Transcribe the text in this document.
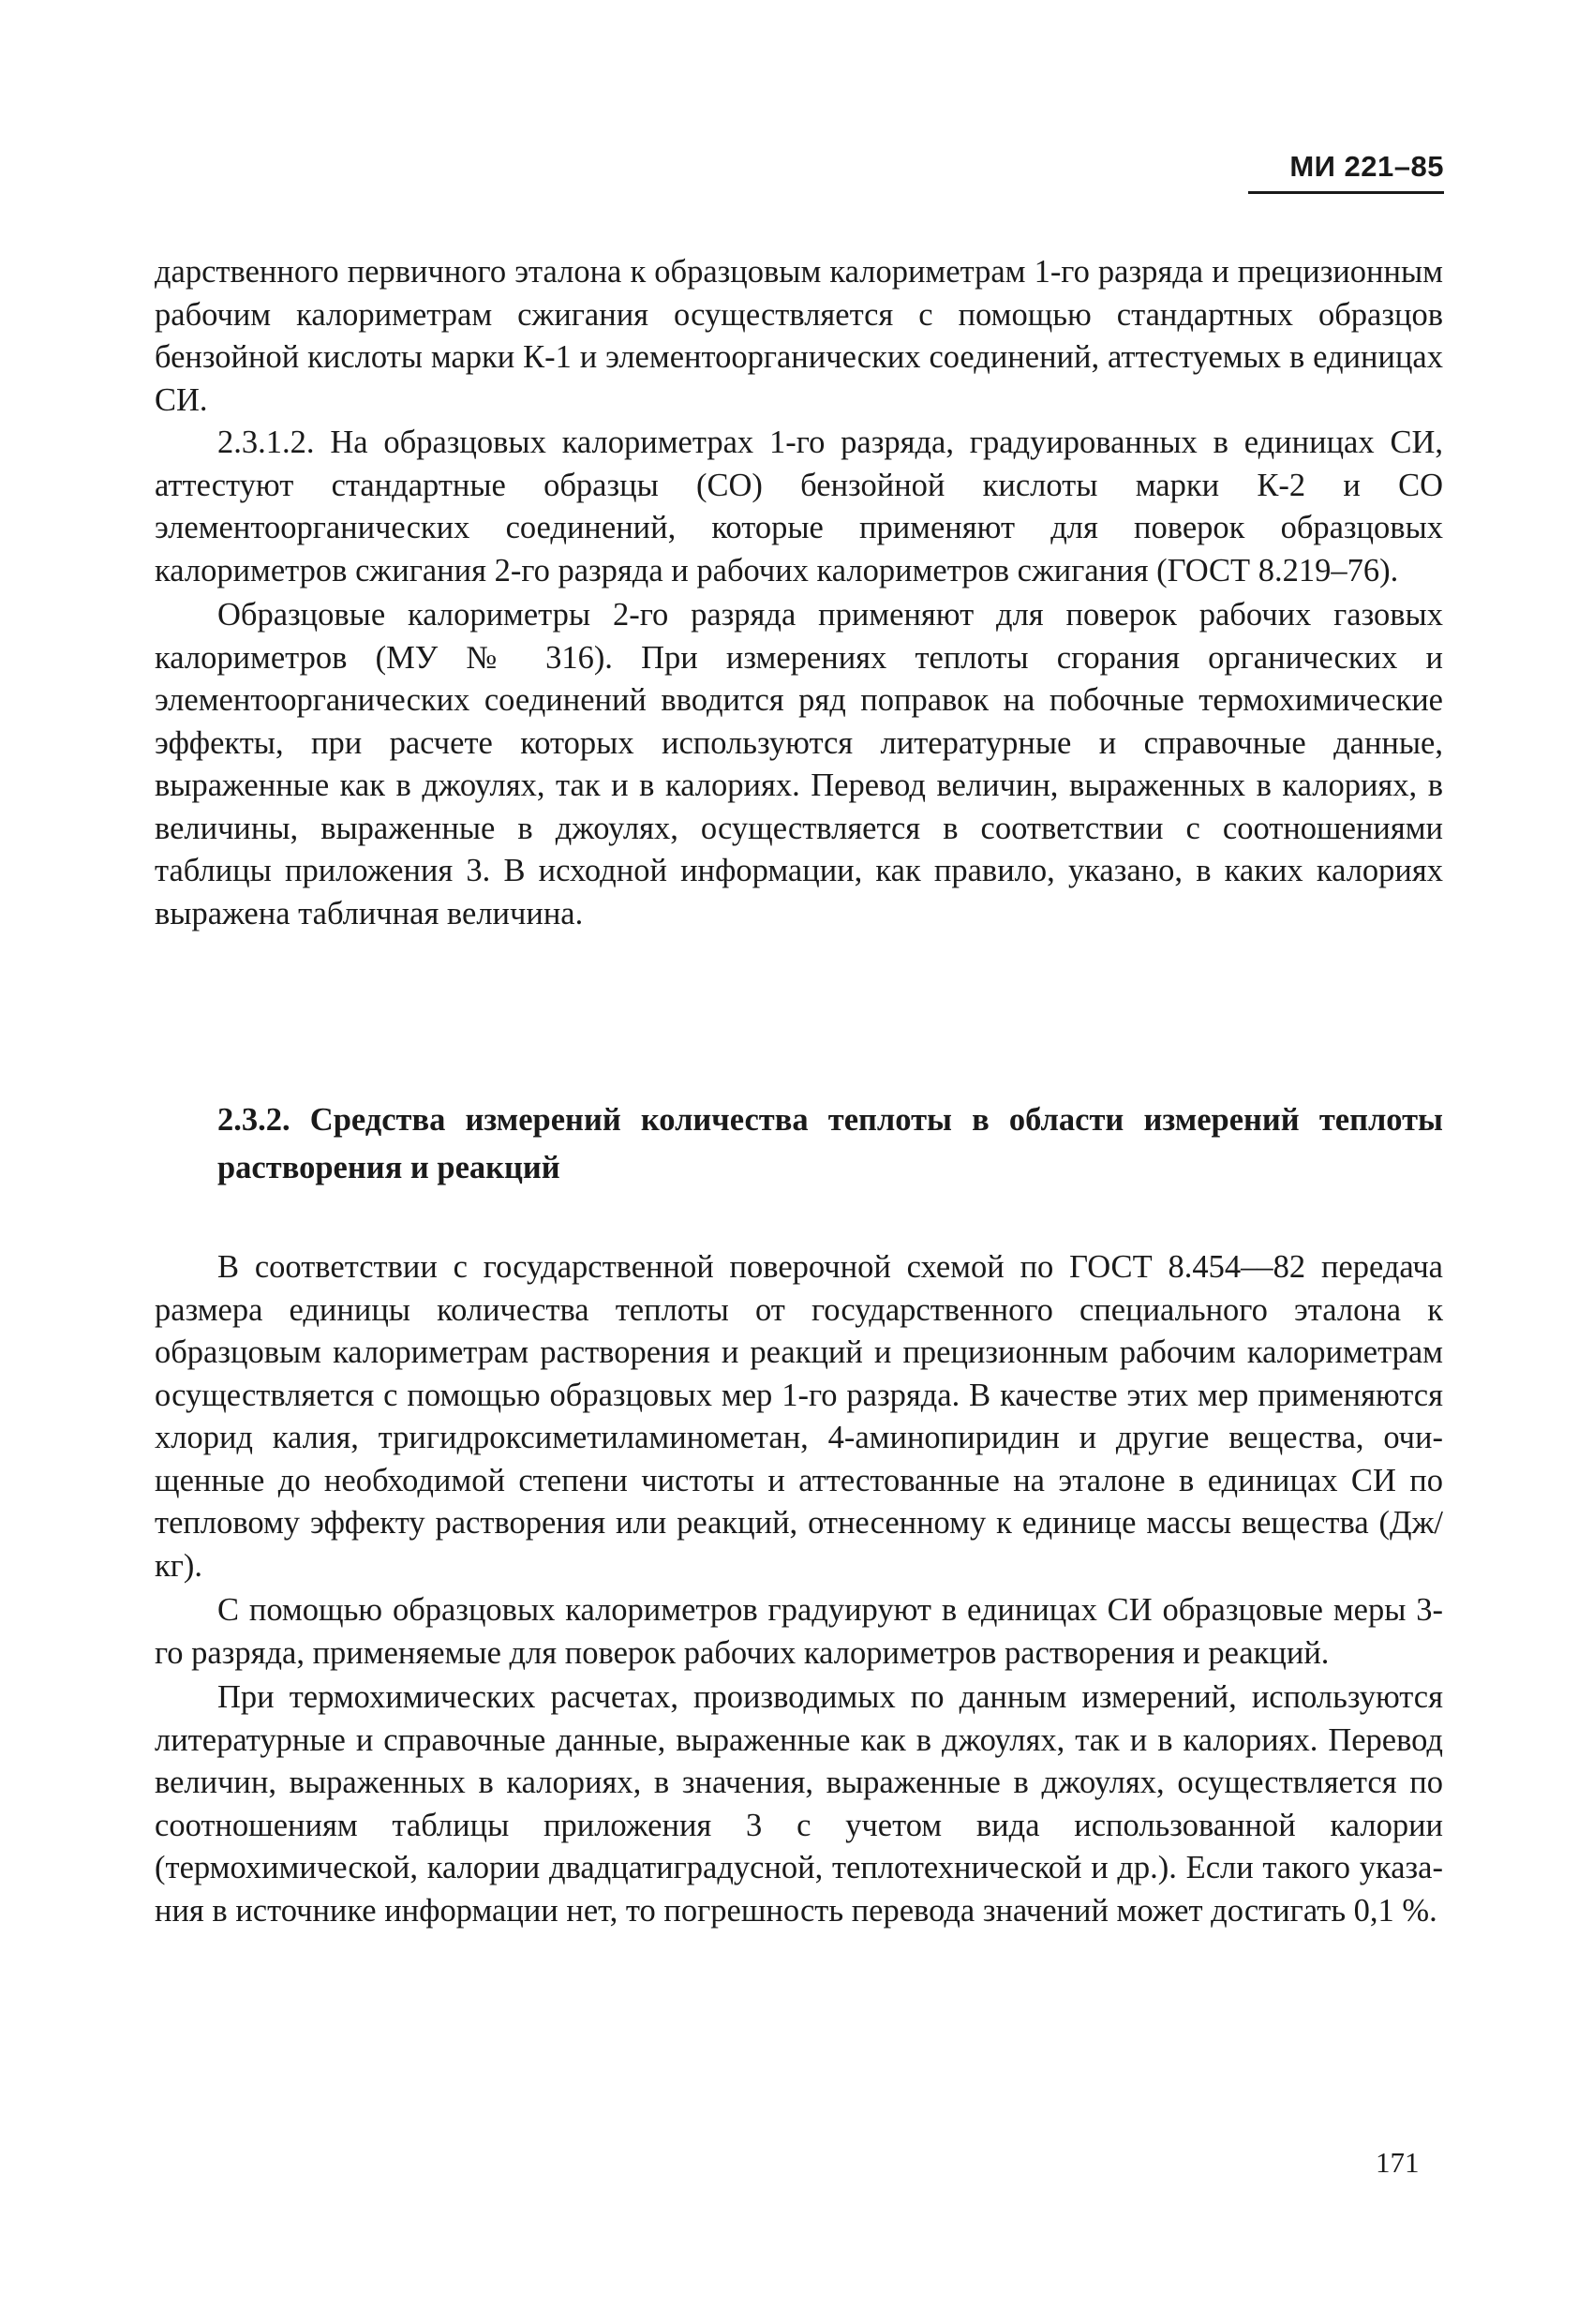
МИ 221–85

дарственного первичного эталона к образцовым калориметрам 1-го разряда и прецизионным рабочим калориметрам сжигания осуществляется с помощью стандартных образцов бензойной кислоты марки К-1 и элементоорганических соединений, аттестуемых в единицах СИ.

2.3.1.2. На образцовых калориметрах 1-го разряда, градуированных в единицах СИ, аттестуют стандартные образцы (СО) бензойной кислоты марки К-2 и СО элементоорганических соединений, которые применяют для поверок образцовых калориметров сжигания 2-го разряда и рабочих калориметров сжигания (ГОСТ 8.219–76).

Образцовые калориметры 2-го разряда применяют для поверок рабочих газовых калориметров (МУ № 316). При измерениях теплоты сгорания органических и элементоорганических соединений вводится ряд поправок на побочные термохимические эффекты, при расчете которых используются литературные и справочные данные, выраженные как в джоулях, так и в калориях. Перевод величин, выраженных в калориях, в величины, выраженные в джоулях, осуществляется в соответствии с соотношениями таблицы приложения 3. В исходной информации, как правило, указано, в каких калориях выражена табличная величина.

2.3.2. Средства измерений количества теплоты в области измерений теплоты растворения и реакций

В соответствии с государственной поверочной схемой по ГОСТ 8.454–​–82 передача размера единицы количества теплоты от государственного специального эталона к образцовым калориметрам растворения и реакций и прецизионным рабочим калориметрам осуществляется с помощью образцовых мер 1-го разряда. В качестве этих мер применяются хлорид калия, тригидроксиметиламинометан, 4-аминопиридин и другие вещества, очищенные до необходимой степени чистоты и аттестованные на эталоне в единицах СИ по тепловому эффекту растворения или реакций, отнесенному к единице массы вещества (Дж/кг).

С помощью образцовых калориметров градуируют в единицах СИ образцовые меры 3-го разряда, применяемые для поверок рабочих калориметров растворения и реакций.

При термохимических расчетах, производимых по данным измерений, используются литературные и справочные данные, выраженные как в джоулях, так и в калориях. Перевод величин, выраженных в калориях, в значения, выраженные в джоулях, осуществляется по соотношениям таблицы приложения 3 с учетом вида использованной калории (термохимической, калории двадцатиградусной, теплотехнической и др.). Если такого указания в источнике информации нет, то погрешность перевода значений может достигать 0,1 %.

171
